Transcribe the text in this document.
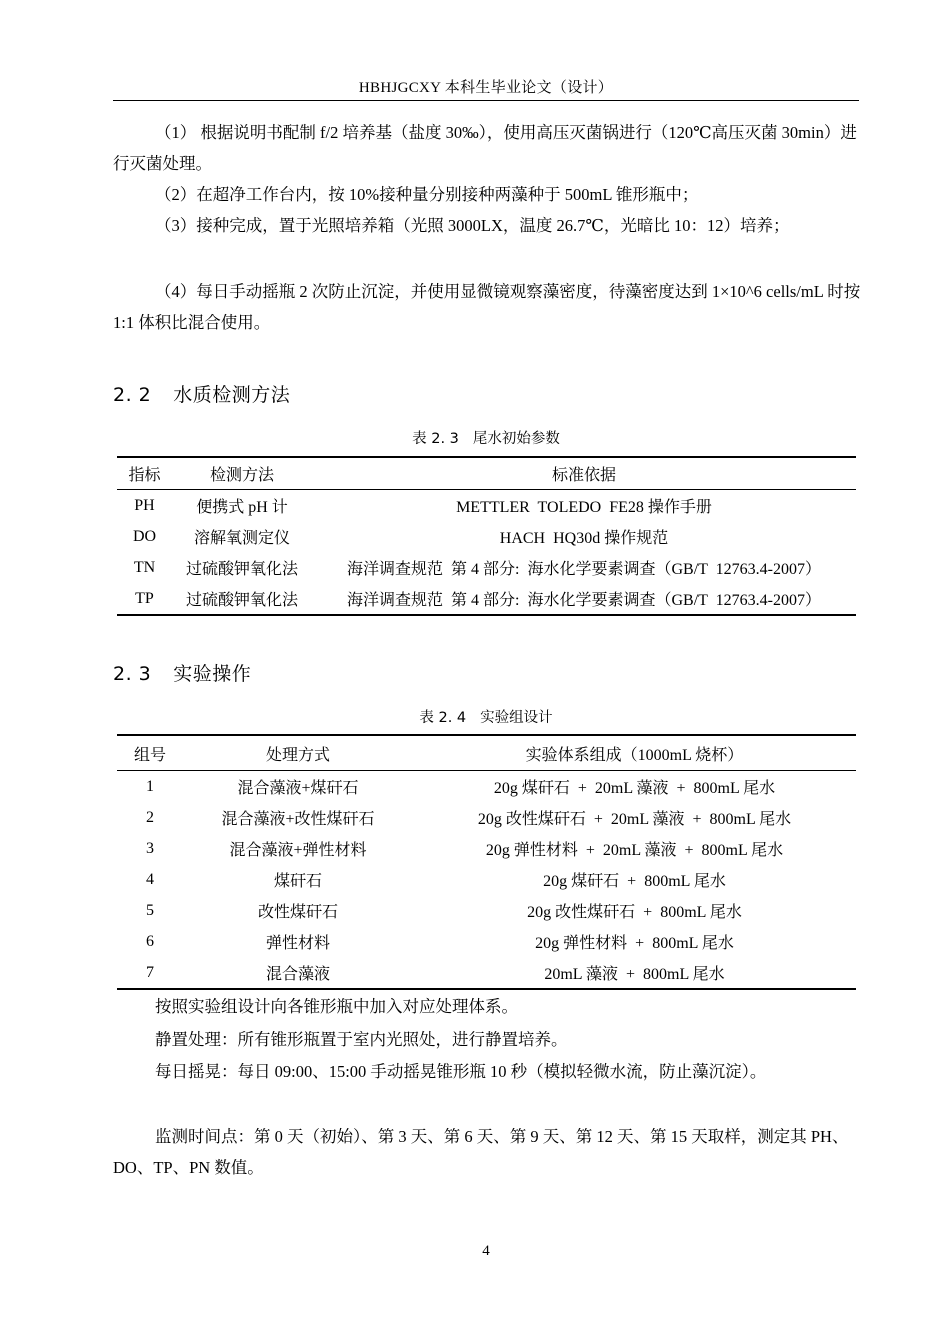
HBHJGCXY 本科生毕业论文（设计）

（1） 根据说明书配制 f/2 培养基（盐度 30‰），使用高压灭菌锅进行（120℃高压灭菌 30min）进行灭菌处理。

（2）在超净工作台内，按 10%接种量分别接种两藻种于 500mL 锥形瓶中；

（3）接种完成，置于光照培养箱（光照 3000LX，温度 26.7℃，光暗比 10：12）培养；

（4）每日手动摇瓶 2 次防止沉淀，并使用显微镜观察藻密度，待藻密度达到 1×10^6 cells/mL 时按 1:1 体积比混合使用。

2. 2 水质检测方法
表 2. 3 尾水初始参数
指标	检测方法	标准依据
PH	便携式 pH 计	METTLER  TOLEDO  FE28 操作手册
DO	溶解氧测定仪	HACH  HQ30d 操作规范
TN	过硫酸钾氧化法	海洋调查规范  第 4 部分:  海水化学要素调查（GB/T  12763.4-2007）
TP	过硫酸钾氧化法	海洋调查规范  第 4 部分:  海水化学要素调查（GB/T  12763.4-2007）
2. 3 实验操作
表 2. 4 实验组设计
组号	处理方式	实验体系组成（1000mL 烧杯）
1	混合藻液+煤矸石	20g 煤矸石  +  20mL 藻液  +  800mL 尾水
2	混合藻液+改性煤矸石	20g 改性煤矸石  +  20mL 藻液  +  800mL 尾水
3	混合藻液+弹性材料	20g 弹性材料  +  20mL 藻液  +  800mL 尾水
4	煤矸石	20g 煤矸石  +  800mL 尾水
5	改性煤矸石	20g 改性煤矸石  +  800mL 尾水
6	弹性材料	20g 弹性材料  +  800mL 尾水
7	混合藻液	20mL 藻液  +  800mL 尾水

按照实验组设计向各锥形瓶中加入对应处理体系。

静置处理：所有锥形瓶置于室内光照处，进行静置培养。

每日摇晃：每日 09:00、15:00 手动摇晃锥形瓶 10 秒（模拟轻微水流，防止藻沉淀）。

监测时间点：第 0 天（初始）、第 3 天、第 6 天、第 9 天、第 12 天、第 15 天取样，测定其 PH、DO、TP、PN 数值。

4
